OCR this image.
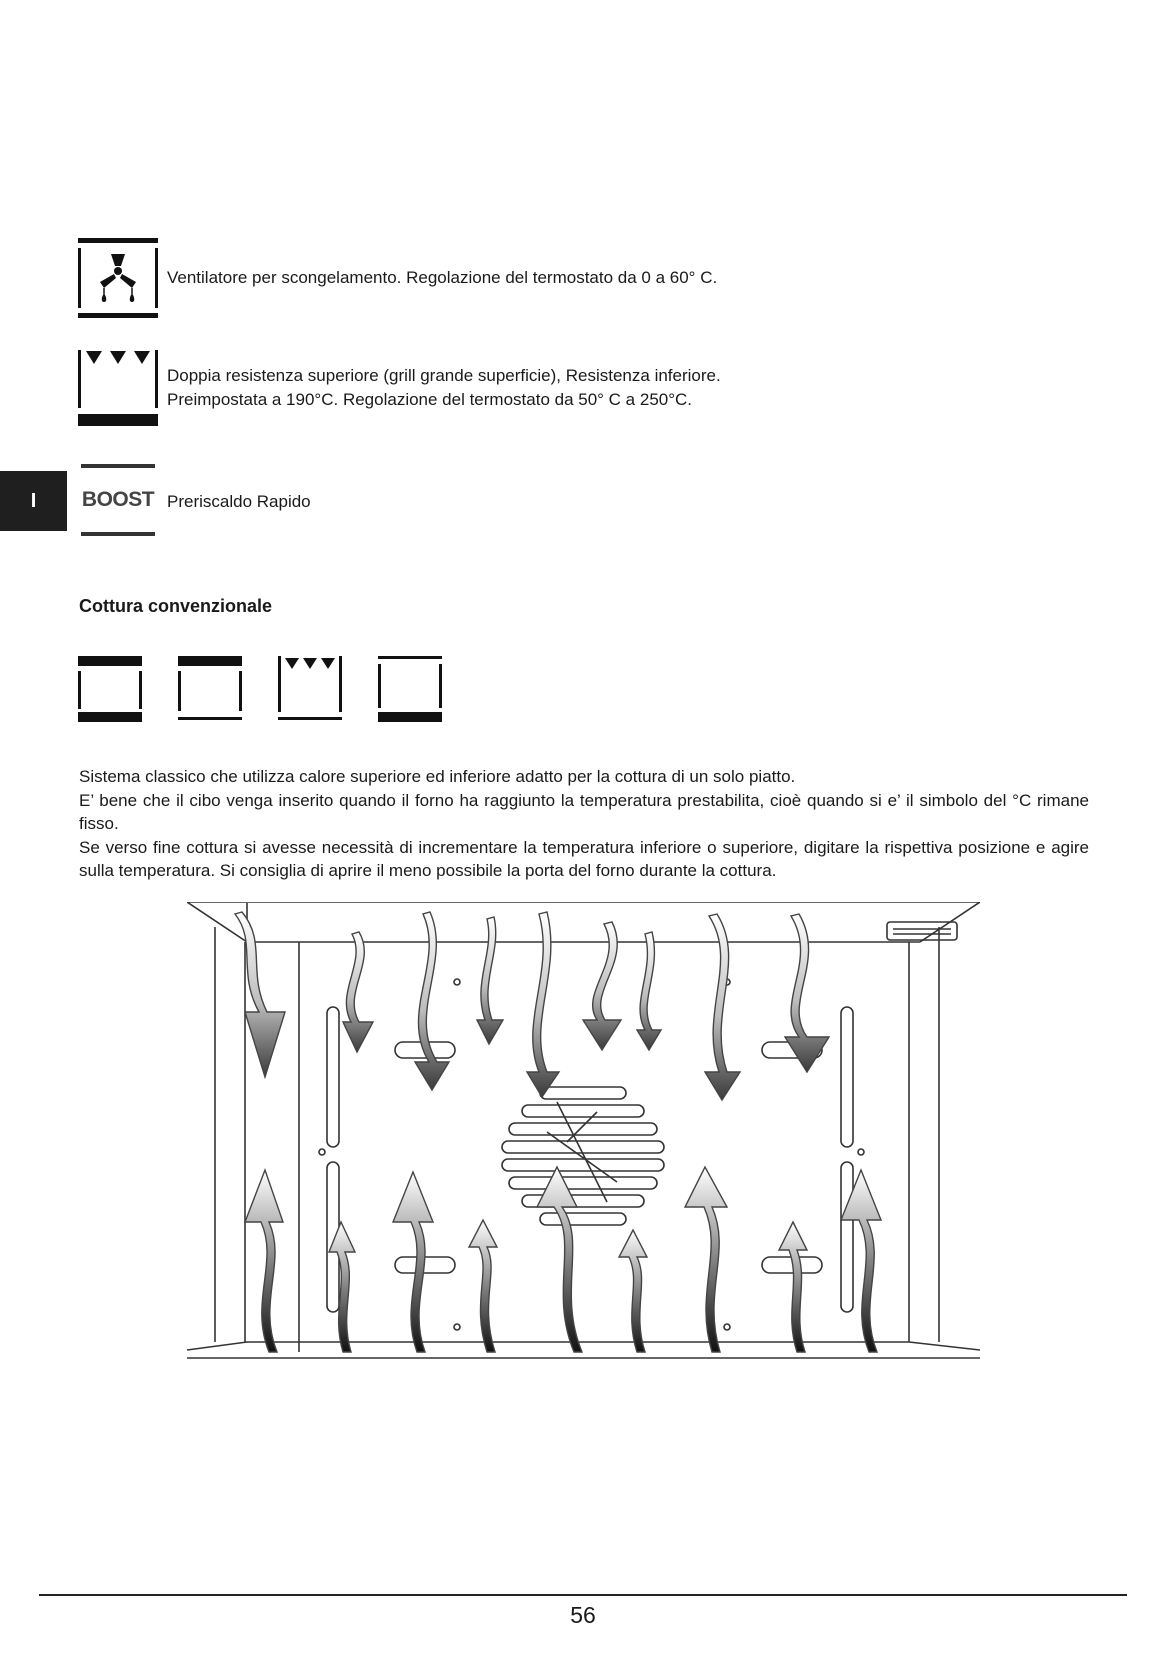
I
Ventilatore per scongelamento. Regolazione del termostato da 0 a 60° C.
Doppia resistenza superiore (grill grande superficie), Resistenza inferiore.
Preimpostata a 190°C. Regolazione del termostato da 50° C a 250°C.
BOOST Preriscaldo Rapido
Cottura convenzionale

Sistema classico che utilizza calore superiore ed inferiore adatto per la cottura di un solo piatto.

E’ bene che il cibo venga inserito quando il forno ha raggiunto la temperatura prestabilita, cioè quando si e’ il simbolo del °C rimane fisso.

Se verso fine cottura si avesse necessità di incrementare la temperatura inferiore o superiore, digitare la rispettiva posizione e agire sulla temperatura. Si consiglia di aprire il meno possibile la porta del forno durante la cottura.

56
